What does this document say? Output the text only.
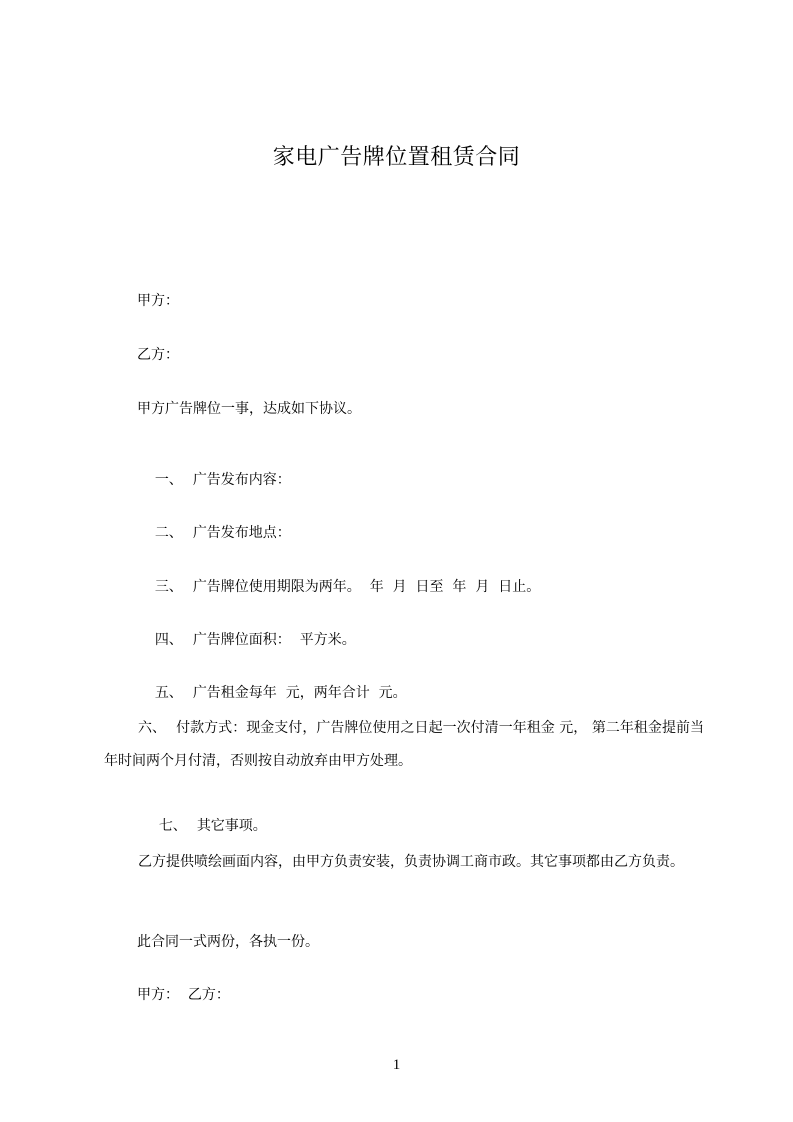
家电广告牌位置租赁合同
甲方：
乙方：
甲方广告牌位一事，达成如下协议。

一、 广告发布内容：

二、 广告发布地点：

三、 广告牌位使用期限为两年。  年  月  日至  年  月  日止。

四、 广告牌位面积：  平方米。

五、 广告租金每年  元，两年合计  元。

六、 付款方式：现金支付，广告牌位使用之日起一次付清一年租金 元， 第二年租金提前当年时间两个月付清，否则按自动放弃由甲方处理。

七、 其它事项。

乙方提供喷绘画面内容，由甲方负责安装，负责协调工商市政。其它事项都由乙方负责。
此合同一式两份，各执一份。
甲方：  乙方：
1
